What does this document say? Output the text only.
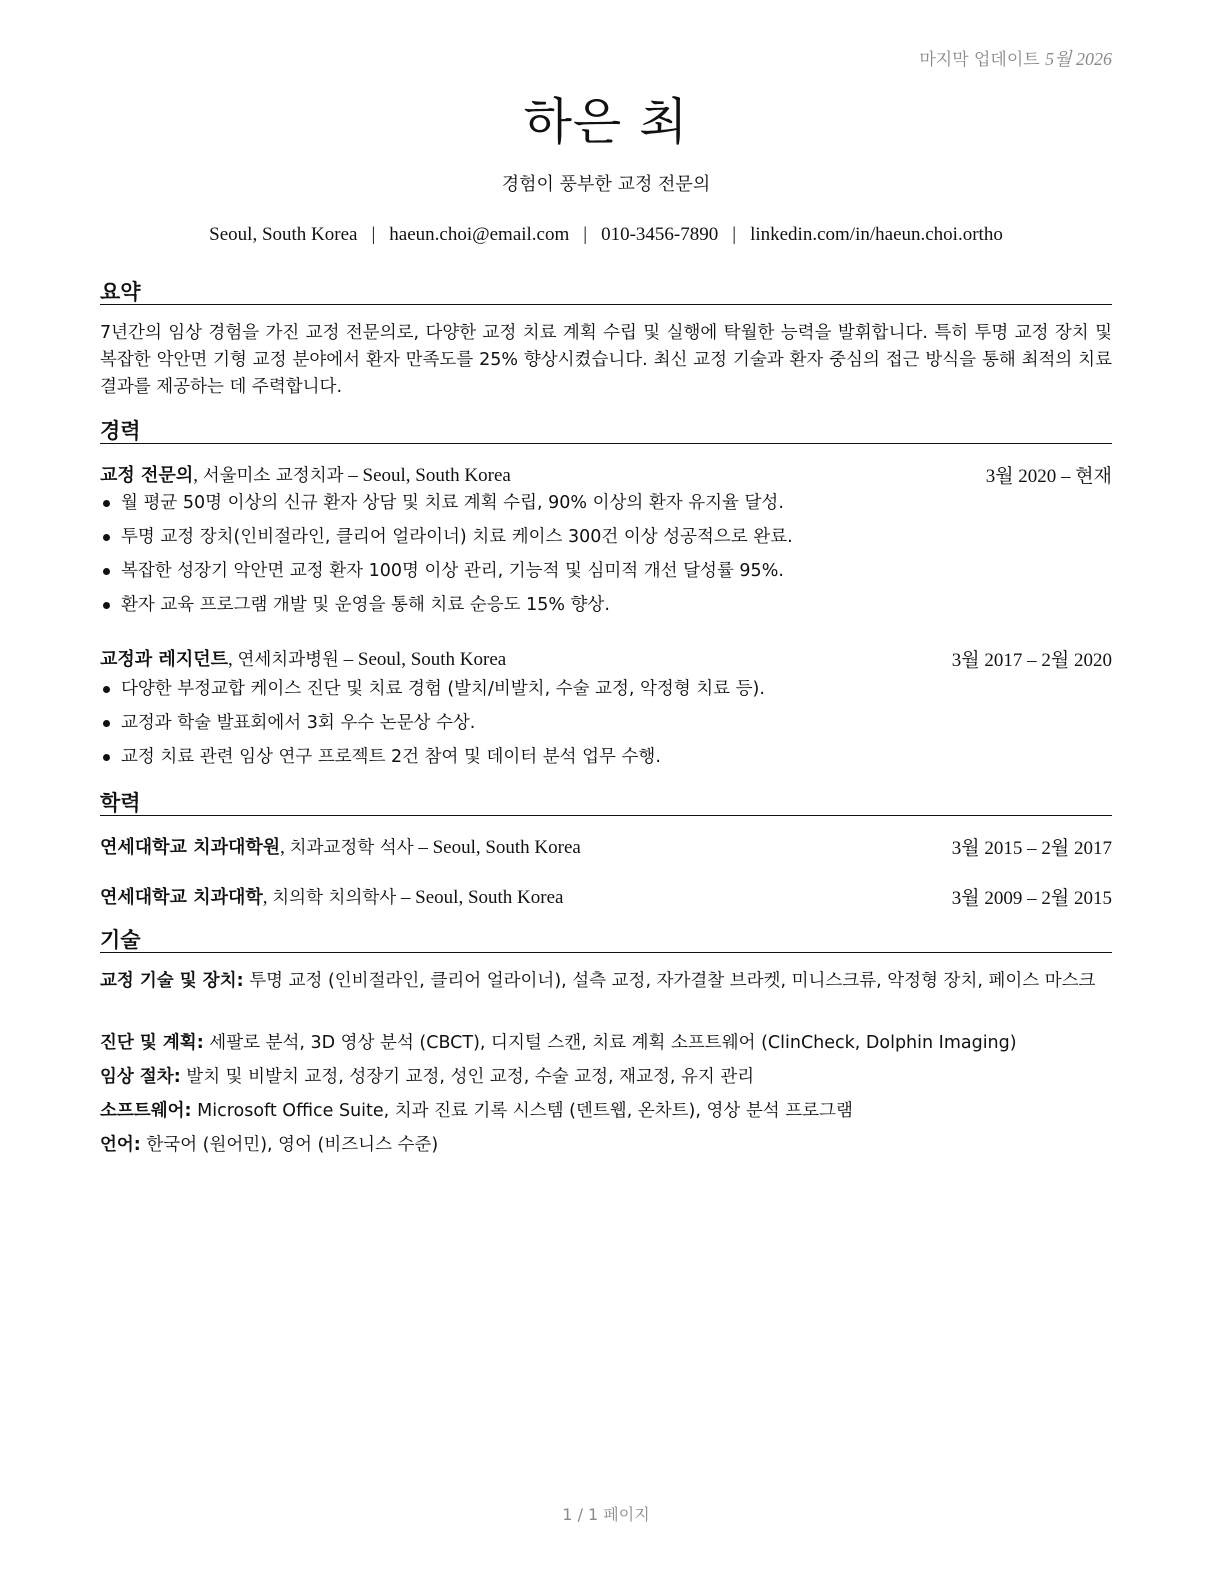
마지막 업데이트 5월 2026
하은 최
경험이 풍부한 교정 전문의
Seoul, South Korea | haeun.choi@email.com | 010-3456-7890 | linkedin.com/in/haeun.choi.ortho
요약
7년간의 임상 경험을 가진 교정 전문의로, 다양한 교정 치료 계획 수립 및 실행에 탁월한 능력을 발휘합니다. 특히 투명 교정 장치 및 복잡한 악안면 기형 교정 분야에서 환자 만족도를 25% 향상시켰습니다. 최신 교정 기술과 환자 중심의 접근 방식을 통해 최적의 치료 결과를 제공하는 데 주력합니다.
경력
교정 전문의, 서울미소 교정치과 – Seoul, South Korea	3월 2020 – 현재
월 평균 50명 이상의 신규 환자 상담 및 치료 계획 수립, 90% 이상의 환자 유지율 달성.
투명 교정 장치(인비절라인, 클리어 얼라이너) 치료 케이스 300건 이상 성공적으로 완료.
복잡한 성장기 악안면 교정 환자 100명 이상 관리, 기능적 및 심미적 개선 달성률 95%.
환자 교육 프로그램 개발 및 운영을 통해 치료 순응도 15% 향상.
교정과 레지던트, 연세치과병원 – Seoul, South Korea	3월 2017 – 2월 2020
다양한 부정교합 케이스 진단 및 치료 경험 (발치/비발치, 수술 교정, 악정형 치료 등).
교정과 학술 발표회에서 3회 우수 논문상 수상.
교정 치료 관련 임상 연구 프로젝트 2건 참여 및 데이터 분석 업무 수행.
학력
연세대학교 치과대학원, 치과교정학 석사 – Seoul, South Korea	3월 2015 – 2월 2017
연세대학교 치과대학, 치의학 치의학사 – Seoul, South Korea	3월 2009 – 2월 2015
기술
교정 기술 및 장치: 투명 교정 (인비절라인, 클리어 얼라이너), 설측 교정, 자가결찰 브라켓, 미니스크류, 악정형 장치, 페이스 마스크
진단 및 계획: 세팔로 분석, 3D 영상 분석 (CBCT), 디지털 스캔, 치료 계획 소프트웨어 (ClinCheck, Dolphin Imaging)
임상 절차: 발치 및 비발치 교정, 성장기 교정, 성인 교정, 수술 교정, 재교정, 유지 관리
소프트웨어: Microsoft Office Suite, 치과 진료 기록 시스템 (덴트웹, 온차트), 영상 분석 프로그램
언어: 한국어 (원어민), 영어 (비즈니스 수준)
1 / 1 페이지
